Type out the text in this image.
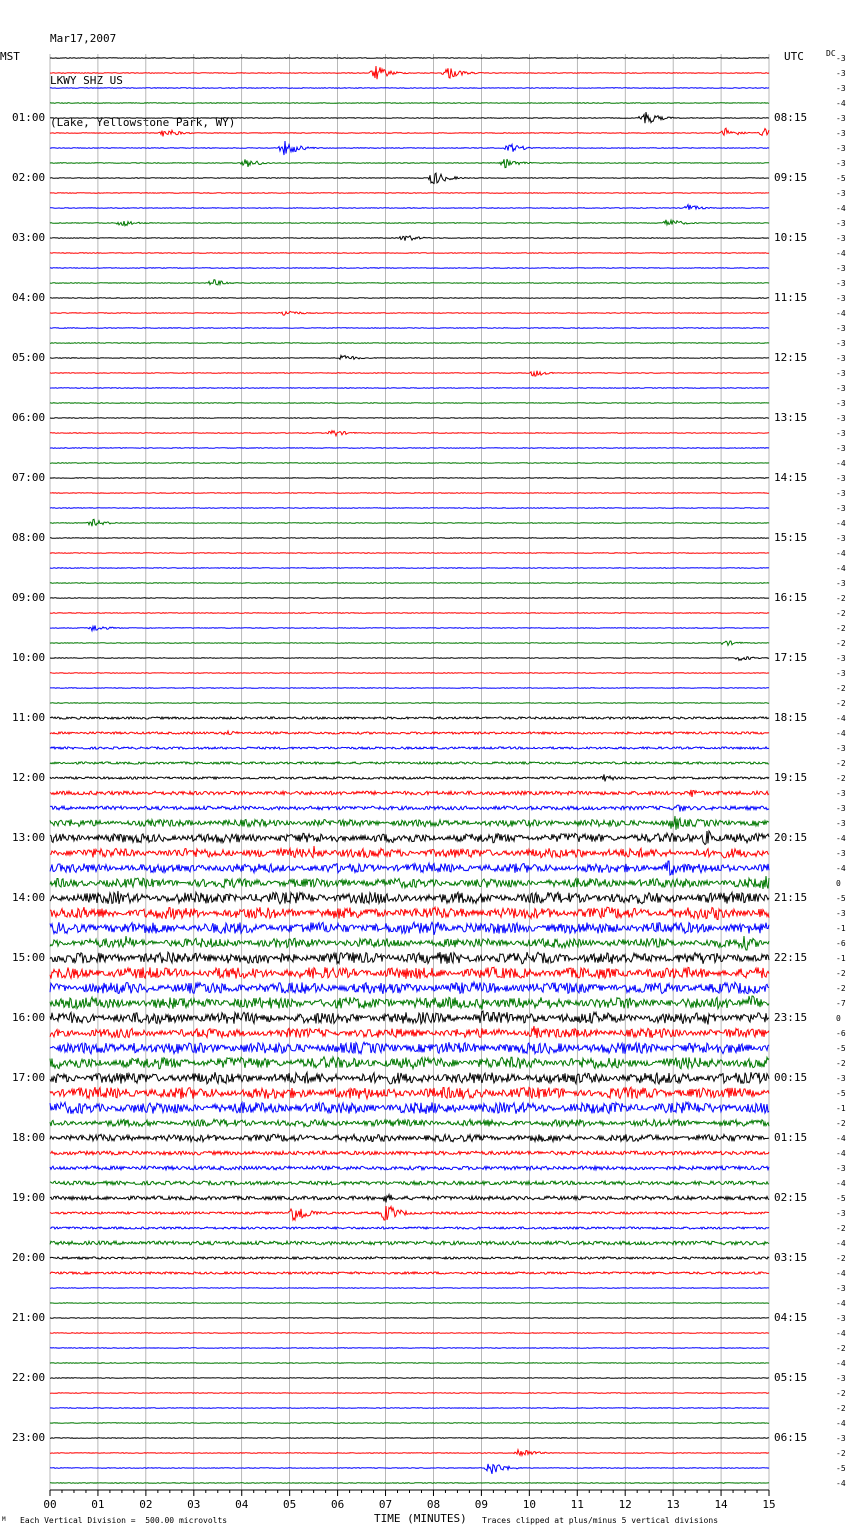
Mar17,2007

LKWY SHZ US

(Lake, Yellowstone Park, WY)

MST	UTC	DC
01:00
02:00
03:00
04:00
05:00
06:00
07:00
08:00
09:00
10:00
11:00
12:00
13:00
14:00
15:00
16:00
17:00
18:00
19:00
20:00
21:00
22:00
23:00
08:15
09:15
10:15
11:15
12:15
13:15
14:15
15:15
16:15
17:15
18:15
19:15
20:15
21:15
22:15
23:15
00:15
01:15
02:15
03:15
04:15
05:15
06:15
-3
-3
-3
-4
-3
-3
-3
-3
-5
-3
-4
-3
-3
-4
-3
-3
-3
-4
-3
-3
-3
-3
-3
-3
-3
-3
-3
-4
-3
-3
-3
-4
-3
-4
-4
-3
-2
-2
-2
-2
-3
-3
-2
-2
-4
-4
-3
-2
-2
-3
-3
-3
-4
-3
-4
0
-5
-3
-1
-6
-1
-2
-2
-7
0
-6
-5
-2
-3
-5
-1
-2
-4
-4
-3
-4
-5
-3
-2
-4
-2
-4
-3
-4
-3
-4
-2
-4
-3
-2
-2
-4
-3
-2
-5
-4
00	01	02	03	04	05	06	07	08	09	10	11	12	13	14	15
M Each Vertical Division =  500.00 microvolts	TIME (MINUTES) Traces clipped at plus/minus 5 vertical divisions
